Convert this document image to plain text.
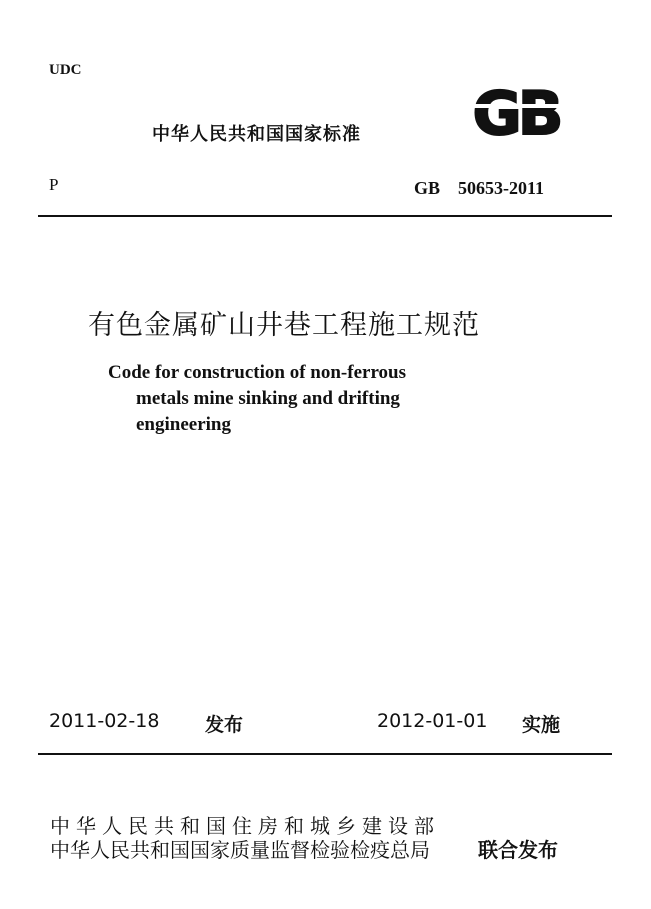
UDC
中华人民共和国国家标准 GB
P	GB　50653-2011
有色金属矿山井巷工程施工规范
Code for construction of non-ferrous
metals mine sinking and drifting
engineering
2011-02-18 发布	2012-01-01 实施
中华人民共和国住房和城乡建设部
中华人民共和国国家质量监督检验检疫总局 联合发布
